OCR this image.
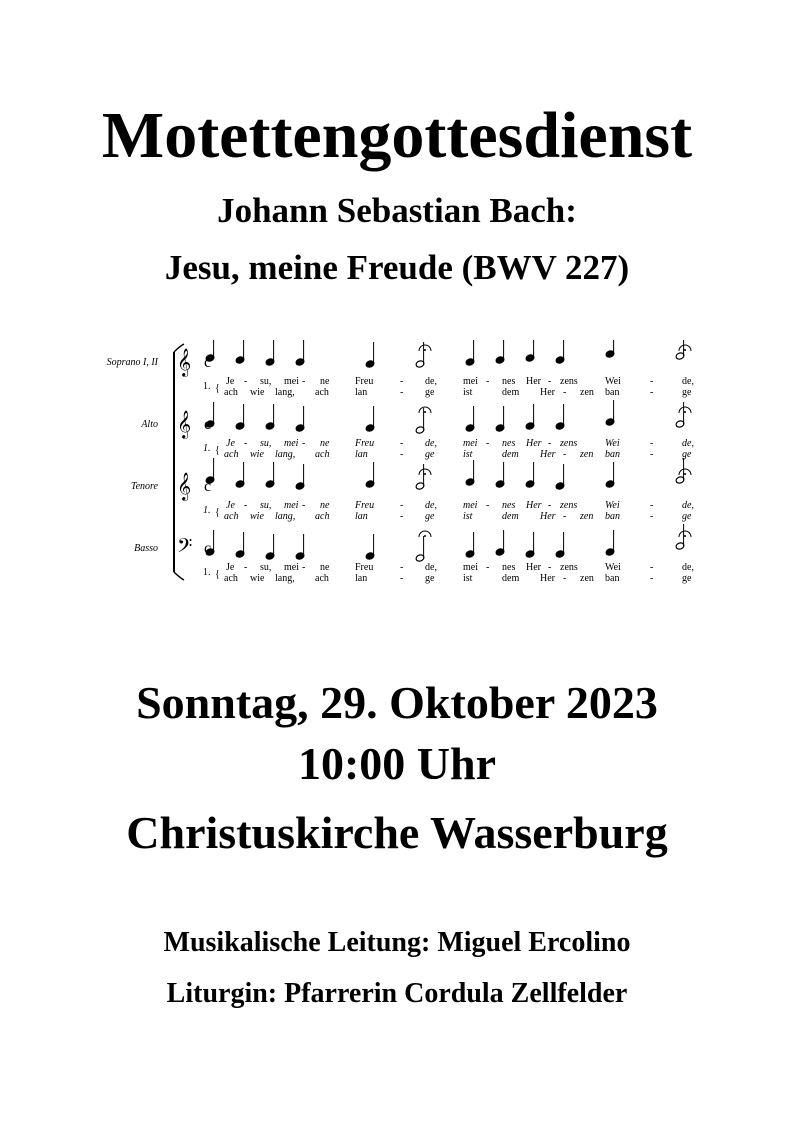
Motettengottesdienst
Johann Sebastian Bach:
Jesu, meine Freude (BWV 227)
Soprano I, II 𝄞 c
1. {
Je - su, mei - ne	Freu	- de,	mei - nes Her - zens	Wei	-	de,
ach wie lang, ach	lan	- ge	ist	dem Her - zen ban	-	ge
Alto 𝄞 c
1. {
Je - su, mei - ne	Freu	- de,	mei - nes Her - zens	Wei	-	de,
ach wie lang, ach	lan	- ge	ist	dem Her - zen ban	-	ge
Tenore 𝄞 c
1. {
Je - su, mei - ne	Freu	- de,	mei - nes Her - zens	Wei	-	de,
ach wie lang, ach	lan	- ge	ist	dem Her - zen ban	-	ge
Basso 𝄢 c
1. {
Je - su, mei - ne	Freu	- de,	mei - nes Her - zens	Wei	-	de,
ach wie lang, ach	lan	- ge	ist	dem Her - zen ban	-	ge
Sonntag, 29. Oktober 2023
10:00 Uhr
Christuskirche Wasserburg
Musikalische Leitung: Miguel Ercolino
Liturgin: Pfarrerin Cordula Zellfelder
